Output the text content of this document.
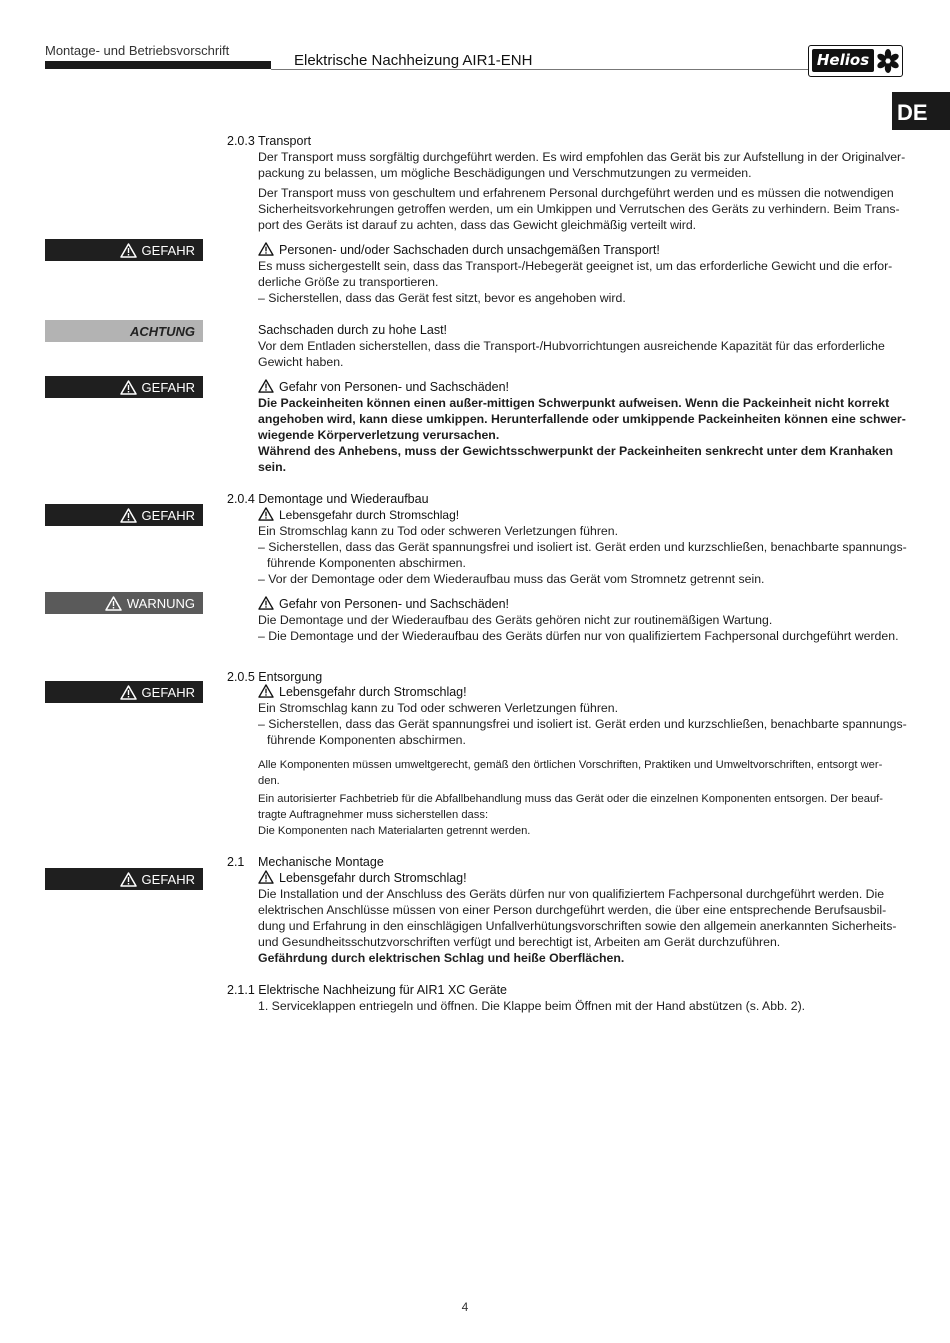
Montage- und Betriebsvorschrift
Elektrische Nachheizung AIR1-ENH	Helios
DE
GEFAHR
ACHTUNG
GEFAHR
GEFAHR
WARNUNG
GEFAHR
GEFAHR
2.0.3 Transport
Der Transport muss sorgfältig durchgeführt werden. Es wird empfohlen das Gerät bis zur Aufstellung in der Originalver-
packung zu belassen, um mögliche Beschädigungen und Verschmutzungen zu vermeiden.
Der Transport muss von geschultem und erfahrenem Personal durchgeführt werden und es müssen die notwendigen
Sicherheitsvorkehrungen getroffen werden, um ein Umkippen und Verrutschen des Geräts zu verhindern. Beim Trans-
port des Geräts ist darauf zu achten, dass das Gewicht gleichmäßig verteilt wird.
Personen- und/oder Sachschaden durch unsachgemäßen Transport!
Es muss sichergestellt sein, dass das Transport-/Hebegerät geeignet ist, um das erforderliche Gewicht und die erfor-
derliche Größe zu transportieren.
– Sicherstellen, dass das Gerät fest sitzt, bevor es angehoben wird.
Sachschaden durch zu hohe Last!
Vor dem Entladen sicherstellen, dass die Transport-/Hubvorrichtungen ausreichende Kapazität für das erforderliche
Gewicht haben.
Gefahr von Personen- und Sachschäden!
Die Packeinheiten können einen außer-mittigen Schwerpunkt aufweisen. Wenn die Packeinheit nicht korrekt
angehoben wird, kann diese umkippen. Herunterfallende oder umkippende Packeinheiten können eine schwer-
wiegende Körperverletzung verursachen.
Während des Anhebens, muss der Gewichtsschwerpunkt der Packeinheiten senkrecht unter dem Kranhaken
sein.
2.0.4 Demontage und Wiederaufbau
Lebensgefahr durch Stromschlag!
Ein Stromschlag kann zu Tod oder schweren Verletzungen führen.
– Sicherstellen, dass das Gerät spannungsfrei und isoliert ist. Gerät erden und kurzschließen, benachbarte spannungs-
führende Komponenten abschirmen.
– Vor der Demontage oder dem Wiederaufbau muss das Gerät vom Stromnetz getrennt sein.
Gefahr von Personen- und Sachschäden!
Die Demontage und der Wiederaufbau des Geräts gehören nicht zur routinemäßigen Wartung.
– Die Demontage und der Wiederaufbau des Geräts dürfen nur von qualifiziertem Fachpersonal durchgeführt werden.
2.0.5 Entsorgung
Lebensgefahr durch Stromschlag!
Ein Stromschlag kann zu Tod oder schweren Verletzungen führen.
– Sicherstellen, dass das Gerät spannungsfrei und isoliert ist. Gerät erden und kurzschließen, benachbarte spannungs-
führende Komponenten abschirmen.
Alle Komponenten müssen umweltgerecht, gemäß den örtlichen Vorschriften, Praktiken und Umweltvorschriften, entsorgt wer-
den.
Ein autorisierter Fachbetrieb für die Abfallbehandlung muss das Gerät oder die einzelnen Komponenten entsorgen. Der beauf-
tragte Auftragnehmer muss sicherstellen dass:
Die Komponenten nach Materialarten getrennt werden.
2.1 Mechanische Montage
Lebensgefahr durch Stromschlag!
Die Installation und der Anschluss des Geräts dürfen nur von qualifiziertem Fachpersonal durchgeführt werden. Die
elektrischen Anschlüsse müssen von einer Person durchgeführt werden, die über eine entsprechende Berufsausbil-
dung und Erfahrung in den einschlägigen Unfallverhütungsvorschriften sowie den allgemein anerkannten Sicherheits-
und Gesundheitsschutzvorschriften verfügt und berechtigt ist, Arbeiten am Gerät durchzuführen.
Gefährdung durch elektrischen Schlag und heiße Oberflächen.
2.1.1 Elektrische Nachheizung für AIR1 XC Geräte
1. Serviceklappen entriegeln und öffnen. Die Klappe beim Öffnen mit der Hand abstützen (s. Abb. 2).
4
